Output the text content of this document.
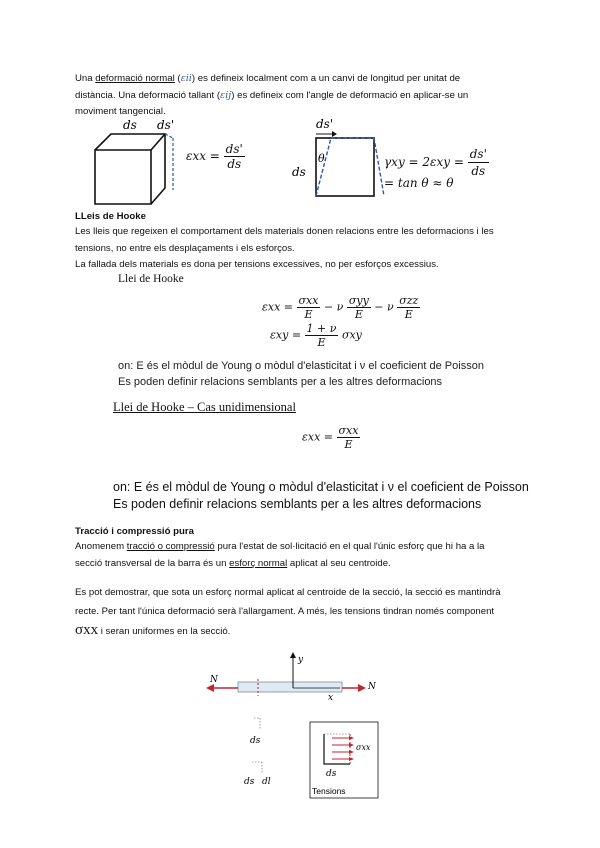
Una deformació normal (εii) es defineix localment com a un canvi de longitud per unitat de
distància. Una deformació tallant (εij) es defineix com l'angle de deformació en aplicar-se un
moviment tangencial.
ds ds'
$\varepsilon xx = \frac{ds'}{ds}$
ds'
θ
ds
$\gamma xy = 2\varepsilon xy = \frac{ds'}{ds}$
= tan θ ≈ θ
LLeis de Hooke
Les lleis que regeixen el comportament dels materials donen relacions entre les deformacions i les
tensions, no entre els desplaçaments i els esforços.
La fallada dels materials es dona per tensions excessives, no per esforços excessius.
Llei de Hooke
$\varepsilon xx = \frac{\text{σxx}}{E} - \nu \frac{\text{σyy}}{E} - \nu \frac{\text{σzz}}{E}$
$\varepsilon xy = \frac{1 + \nu}{E}$ σxy
on: E és el mòdul de Young o mòdul d'elasticitat i ν el coeficient de Poisson
Es poden definir relacions semblants per a les altres deformacions
Llei de Hooke – Cas unidimensional
$\varepsilon xx = \frac{\text{σxx}}{E}$
on: E és el mòdul de Young o mòdul d'elasticitat i ν el coeficient de Poisson
Es poden definir relacions semblants per a les altres deformacions
Tracció i compressió pura
Anomenem tracció o compressió pura l'estat de sol·licitació en el qual l'únic esforç que hi ha a la
secció transversal de la barra és un esforç normal aplicat al seu centroide.
Es pot demostrar, que sota un esforç normal aplicat al centroide de la secció, la secció es mantindrà
recte. Per tant l'única deformació serà l'allargament. A més, les tensions tindran només component
σxx i seran uniformes en la secció.
y
x
N
N
ds
ds dl
σxx
ds
Tensions
